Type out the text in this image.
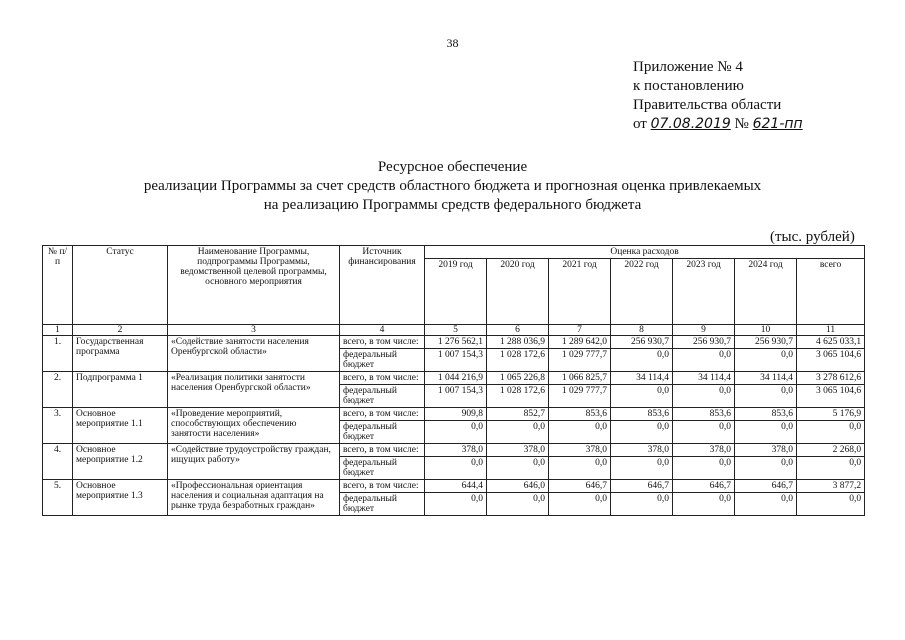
38
Приложение № 4
к постановлению
Правительства области
от 07.08.2019 № 621-пп
Ресурсное обеспечение
реализации Программы за счет средств областного бюджета и прогнозная оценка привлекаемых
на реализацию Программы средств федерального бюджета
(тыс. рублей)
№ п/п	Статус	Наименование Программы, подпрограммы Программы, ведомственной целевой программы, основного мероприятия	Источник финансирования	Оценка расходов						
				2019 год	2020 год	2021 год	2022 год	2023 год	2024 год	всего
1	2	3	4	5	6	7	8	9	10	11
1.	Государственная программа	«Содействие занятости населения Оренбургской области»	всего, в том числе:	1 276 562,1	1 288 036,9	1 289 642,0	256 930,7	256 930,7	256 930,7	4 625 033,1
			федеральный бюджет	1 007 154,3	1 028 172,6	1 029 777,7	0,0	0,0	0,0	3 065 104,6
2.	Подпрограмма 1	«Реализация политики занятости населения Оренбургской области»	всего, в том числе:	1 044 216,9	1 065 226,8	1 066 825,7	34 114,4	34 114,4	34 114,4	3 278 612,6
			федеральный бюджет	1 007 154,3	1 028 172,6	1 029 777,7	0,0	0,0	0,0	3 065 104,6
3.	Основное мероприятие 1.1	«Проведение мероприятий, способствующих обеспечению занятости населения»	всего, в том числе:	909,8	852,7	853,6	853,6	853,6	853,6	5 176,9
			федеральный бюджет	0,0	0,0	0,0	0,0	0,0	0,0	0,0
4.	Основное мероприятие 1.2	«Содействие трудоустройству граждан, ищущих работу»	всего, в том числе:	378,0	378,0	378,0	378,0	378,0	378,0	2 268,0
			федеральный бюджет	0,0	0,0	0,0	0,0	0,0	0,0	0,0
5.	Основное мероприятие 1.3	«Профессиональная ориентация населения и социальная адаптация на рынке труда безработных граждан»	всего, в том числе:	644,4	646,0	646,7	646,7	646,7	646,7	3 877,2
			федеральный бюджет	0,0	0,0	0,0	0,0	0,0	0,0	0,0
